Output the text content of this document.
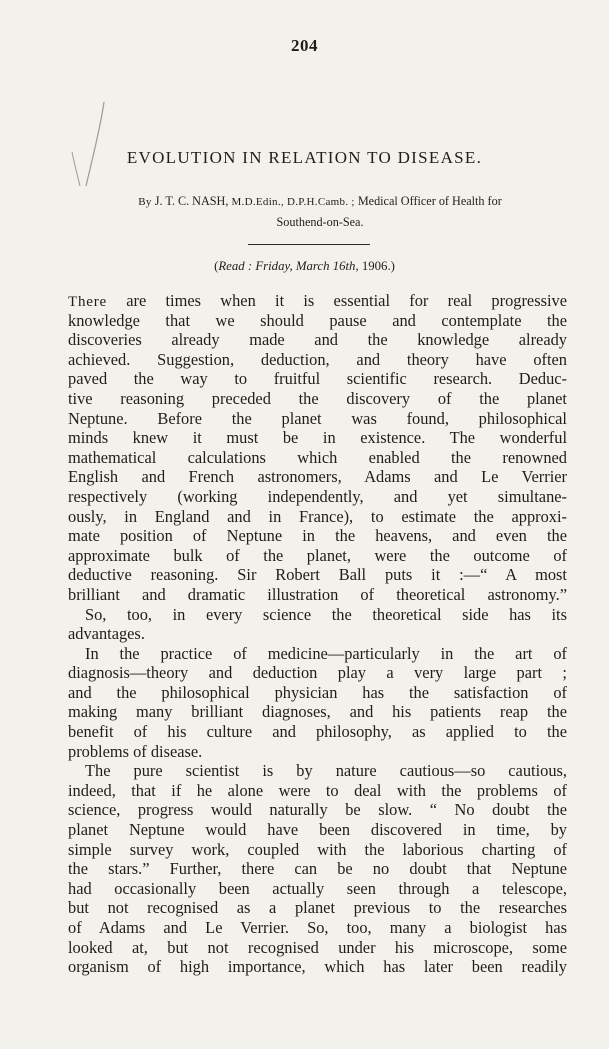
204
EVOLUTION IN RELATION TO DISEASE.
By J. T. C. NASH, M.D.Edin., D.P.H.Camb. ; Medical Officer of Health for
Southend-on-Sea.
(Read : Friday, March 16th, 1906.)
There are times when it is essential for real progressive
knowledge that we should pause and contemplate the
discoveries already made and the knowledge already
achieved. Suggestion, deduction, and theory have often
paved the way to fruitful scientific research. Deduc-
tive reasoning preceded the discovery of the planet
Neptune. Before the planet was found, philosophical
minds knew it must be in existence. The wonderful
mathematical calculations which enabled the renowned
English and French astronomers, Adams and Le Verrier
respectively (working independently, and yet simultane-
ously, in England and in France), to estimate the approxi-
mate position of Neptune in the heavens, and even the
approximate bulk of the planet, were the outcome of
deductive reasoning. Sir Robert Ball puts it :—“ A most
brilliant and dramatic illustration of theoretical astronomy.”
So, too, in every science the theoretical side has its
advantages.
In the practice of medicine—particularly in the art of
diagnosis—theory and deduction play a very large part ;
and the philosophical physician has the satisfaction of
making many brilliant diagnoses, and his patients reap the
benefit of his culture and philosophy, as applied to the
problems of disease.
The pure scientist is by nature cautious—so cautious,
indeed, that if he alone were to deal with the problems of
science, progress would naturally be slow. “ No doubt the
planet Neptune would have been discovered in time, by
simple survey work, coupled with the laborious charting of
the stars.” Further, there can be no doubt that Neptune
had occasionally been actually seen through a telescope,
but not recognised as a planet previous to the researches
of Adams and Le Verrier. So, too, many a biologist has
looked at, but not recognised under his microscope, some
organism of high importance, which has later been readily
